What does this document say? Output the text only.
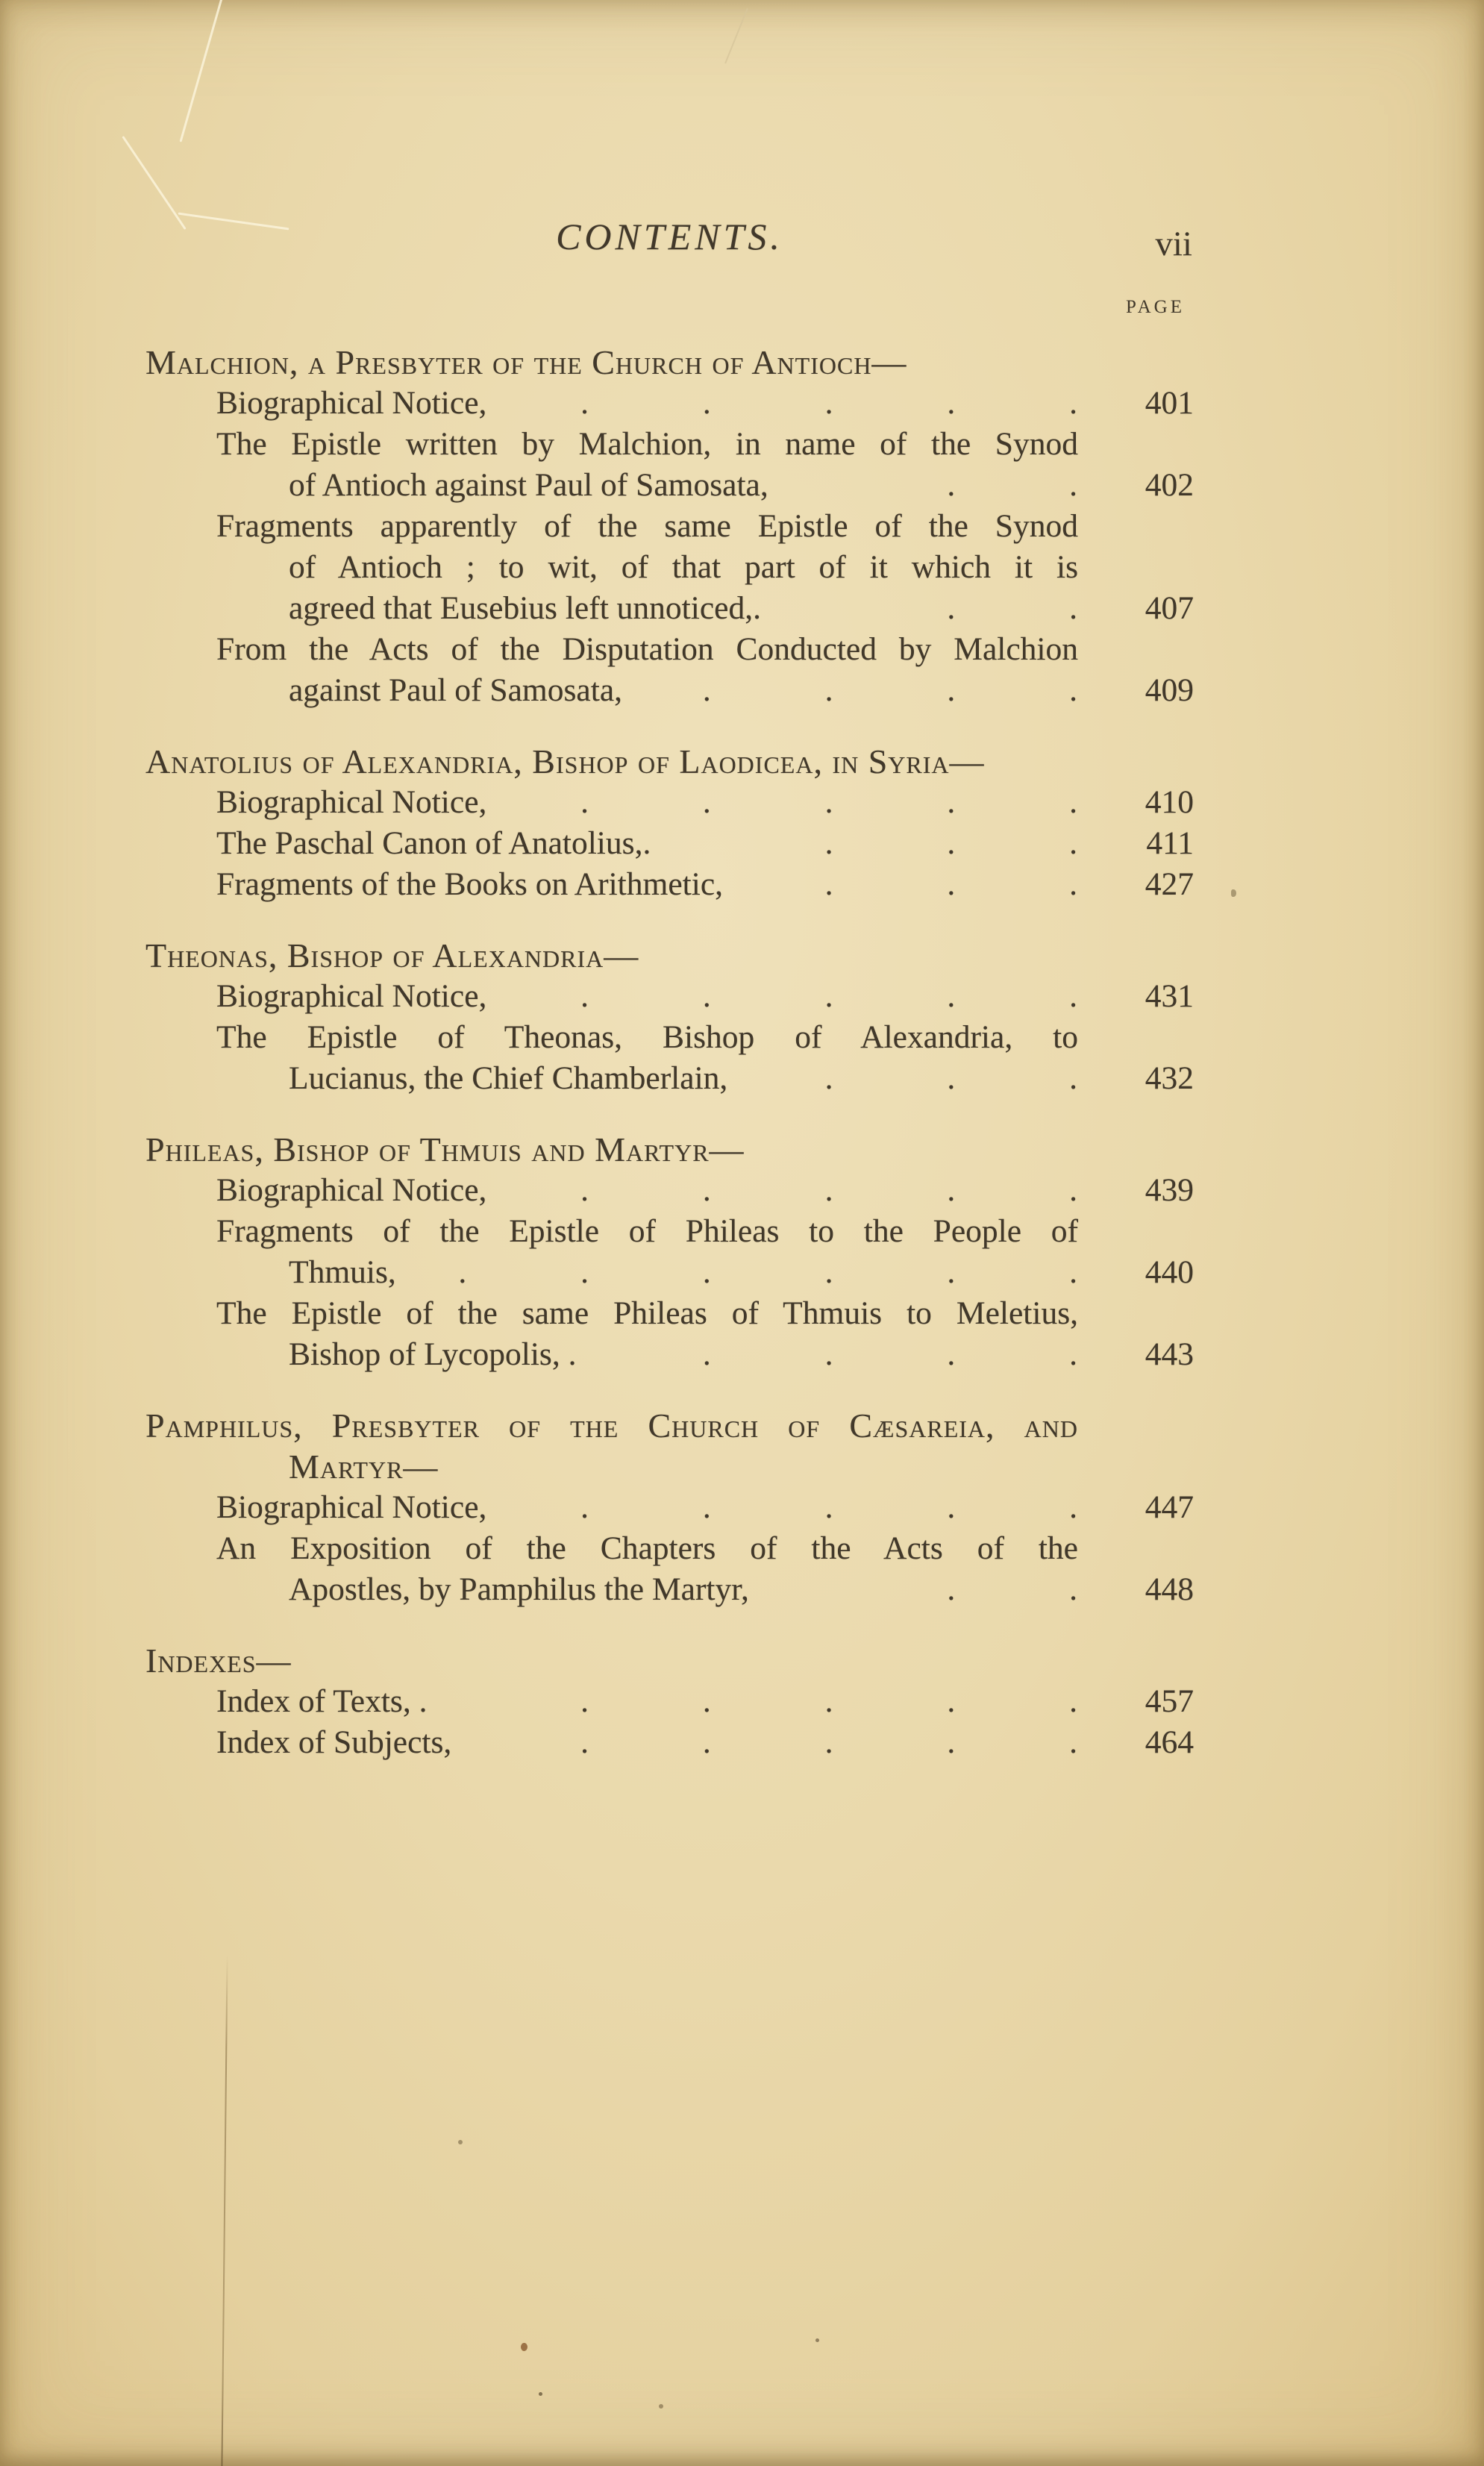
CONTENTS.	vii
PAGE
Malchion, a Presbyter of the Church of Antioch—
Biographical Notice,	. . . . .	401
The Epistle written by Malchion, in name of the Synod
of Antioch against Paul of Samosata,	. .	402
Fragments apparently of the same Epistle of the Synod
of Antioch ; to wit, of that part of it which it is
agreed that Eusebius left unnoticed,.	. .	407
From the Acts of the Disputation Conducted by Malchion
against Paul of Samosata, . . . .	409
Anatolius of Alexandria, Bishop of Laodicea, in Syria—
Biographical Notice,	. . . . .	410
The Paschal Canon of Anatolius,.	. . .	411
Fragments of the Books on Arithmetic,	. . .	427
Theonas, Bishop of Alexandria—
Biographical Notice,	. . . . .	431
The Epistle of Theonas, Bishop of Alexandria, to
Lucianus, the Chief Chamberlain,	. . .	432
Phileas, Bishop of Thmuis and Martyr—
Biographical Notice,	. . . . .	439
Fragments of the Epistle of Phileas to the People of
Thmuis, . . . . . .	440
The Epistle of the same Phileas of Thmuis to Meletius,
Bishop of Lycopolis, .	. . . .	443
Pamphilus, Presbyter of the Church of Cæsareia, and
Martyr—
Biographical Notice,	. . . . .	447
An Exposition of the Chapters of the Acts of the
Apostles, by Pamphilus the Martyr,	. .	448
Indexes—
Index of Texts, .	. . . . .	457
Index of Subjects,	. . . . .	464
